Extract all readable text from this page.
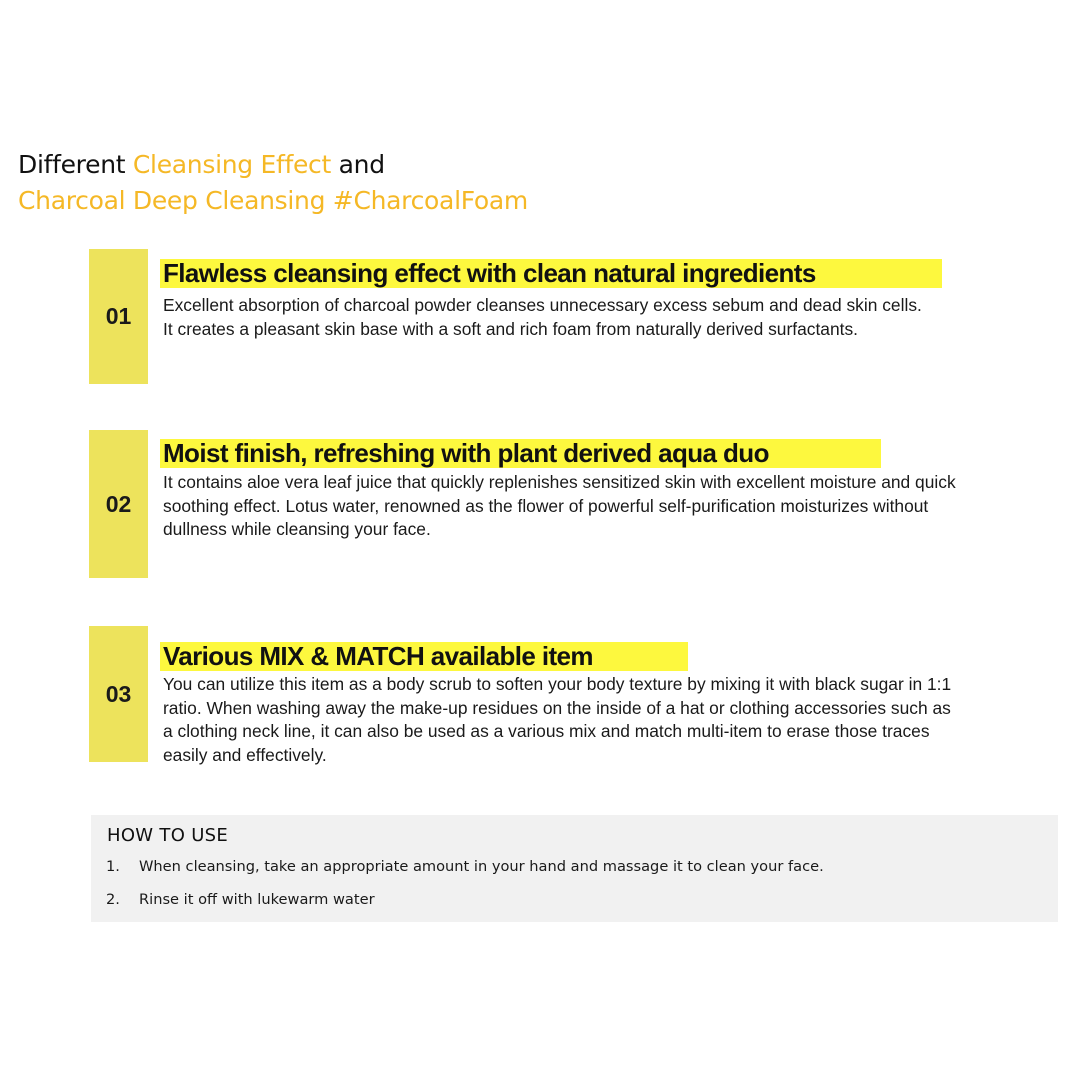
Different Cleansing Effect and
Charcoal Deep Cleansing #CharcoalFoam
01
Flawless cleansing effect with clean natural ingredients
Excellent absorption of charcoal powder cleanses unnecessary excess sebum and dead skin cells.
It creates a pleasant skin base with a soft and rich foam from naturally derived surfactants.
02
Moist finish, refreshing with plant derived aqua duo
It contains aloe vera leaf juice that quickly replenishes sensitized skin with excellent moisture and quick
soothing effect. Lotus water, renowned as the flower of powerful self-purification moisturizes without
dullness while cleansing your face.
03
Various MIX & MATCH available item
You can utilize this item as a body scrub to soften your body texture by mixing it with black sugar in 1:1
ratio. When washing away the make-up residues on the inside of a hat or clothing accessories such as
a clothing neck line, it can also be used as a various mix and match multi-item to erase those traces
easily and effectively.
HOW TO USE
1. When cleansing, take an appropriate amount in your hand and massage it to clean your face.
2. Rinse it off with lukewarm water
